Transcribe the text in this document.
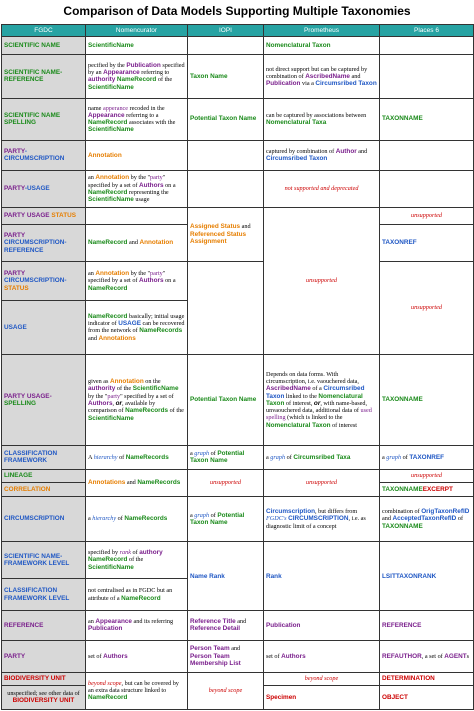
Comparison of Data Models Supporting Multiple Taxonomies
FGDC	Nomencurator	IOPI	Prometheus	Places 6
SCIENTIFIC NAME	ScientificName		Nomenclatural Taxon	
SCIENTIFIC NAME-REFERENCE	pecified by the Publication specified by an Appearance referring to authority NameRecord of the ScientificName	Taxon Name	not direct support but can be captured by combination of AscribedName and Publication via a Circumsribed Taxon	
SCIENTIFIC NAME SPELLING	name apperance recoded in the Appearance referring to a NameRecord associates with the ScientificName	Potential Taxon Name	can be captured by associations between Nomenclatural Taxa	TAXONNAME
PARTY-CIRCUMSCRIPTION	Annotation		captured by combination of Author and Circumsribed Taxon	
PARTY-USAGE	an Annotation by the "party" specified by a set of Authors on a NameRecord representing the ScientificName usage		not supported and deprecated	
PARTY USAGE STATUS		Assigned Status and Referenced Status Assignment	unsupported	unsupported
PARTY CIRCUMSCRIPTION-REFERENCE	NameRecord and Annotation			TAXONREF
PARTY CIRCUMSCRIPTION-STATUS	an Annotation by the "party" specified by a set of Authors on a NameRecord			unsupported
USAGE	NameRecord basically; initial usage indicator of USAGE can be recovered from the network of NameRecords and Annotations			
PARTY USAGE-SPELLING	given as Annotation on the authority of the ScientificName by the "party" specified by a set of Authors, or, available by comparison of NameRecords of the ScientificName	Potential Taxon Name	Depends on data forms. With circumscription, i.e. vaouchered data, AscribedName of a Circumsribed Taxon linked to the Nomenclatural Taxon of interest, or, with name-based, unvaouchered data, additional data of used spelling (which is linked to the Nomenclatural Taxon of interest	TAXONNAME
CLASSIFICATION FRAMEWORK	A hierarchy of NameRecords	a graph of Potential Taxon Name	a graph of Circumsribed Taxa	a graph of TAXONREF
LINEAGE	Annotations and NameRecords	unsupported	unsupported	unsupported
CORRELATION				TAXONNAMEEXCERPT
CIRCUMSCRIPTION	a hierarchy of NameRecords	a graph of Potential Taxon Name	Circumscription, but differs from FGDC's CIRCUMSCRIPTION, i.e. as diagnostic limit of a concept	combination of OrigTaxonRefID and AcceptedTaxonRefID of TAXONNAME
SCIENTIFIC NAME-FRAMEWORK LEVEL	specified by rank of authory NameRecord of the ScientificName	Name Rank	Rank	LSITTAXONRANK
CLASSIFICATION FRAMEWORK LEVEL	not centralised as in FGDC but an attribute of a NameRecord			
REFERENCE	an Appearance and its referring Publication	Reference Title and Reference Detail	Publication	REFERENCE
PARTY	set of Authors	Person Team and Person Team Membership List	set of Authors	REFAUTHOR, a set of AGENTs
BIODIVERSITY UNIT	beyond scope, but can be covered by an extra data structure linked to NameRecord	beyond scope	beyond scope	DETERMINATION
unspecified; see other data of BIODIVERSITY UNIT			Specimen	OBJECT
